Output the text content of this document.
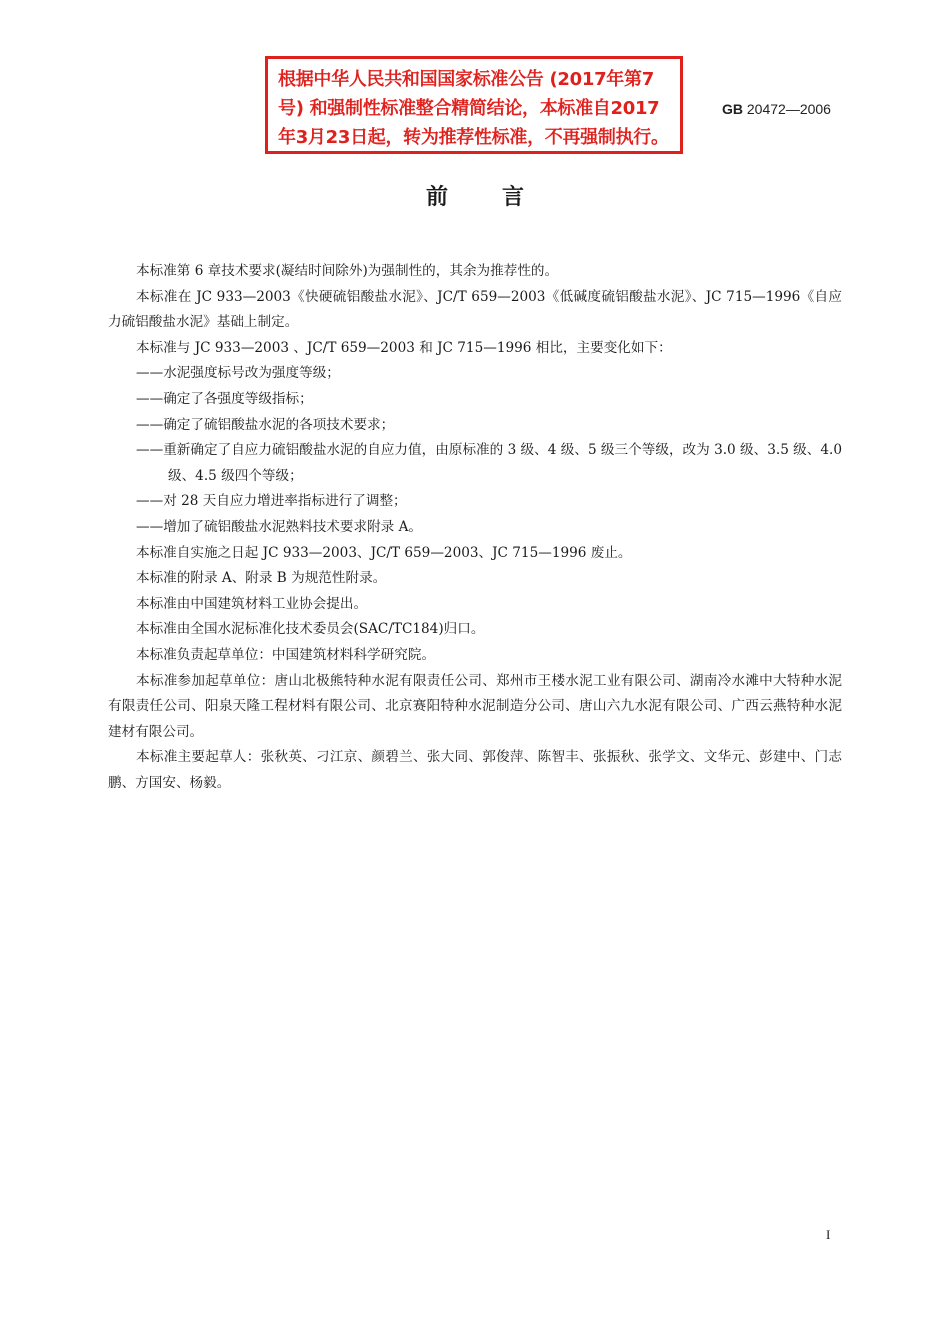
根据中华人民共和国国家标准公告 (2017年第7
号) 和强制性标准整合精简结论，本标准自2017
年3月23日起，转为推荐性标准，不再强制执行。
GB 20472—2006
前言
本标准第 6 章技术要求(凝结时间除外)为强制性的，其余为推荐性的。
本标准在 JC 933—2003《快硬硫铝酸盐水泥》、JC/T 659—2003《低碱度硫铝酸盐水泥》、JC 715—1996《自应力硫铝酸盐水泥》基础上制定。
本标准与 JC 933—2003 、JC/T 659—2003 和 JC 715—1996 相比，主要变化如下：
——水泥强度标号改为强度等级；
——确定了各强度等级指标；
——确定了硫铝酸盐水泥的各项技术要求；
——重新确定了自应力硫铝酸盐水泥的自应力值，由原标准的 3 级、4 级、5 级三个等级，改为 3.0 级、3.5 级、4.0 级、4.5 级四个等级；
——对 28 天自应力增进率指标进行了调整；
——增加了硫铝酸盐水泥熟料技术要求附录 A。
本标准自实施之日起 JC 933—2003、JC/T 659—2003、JC 715—1996 废止。
本标准的附录 A、附录 B 为规范性附录。
本标准由中国建筑材料工业协会提出。
本标准由全国水泥标准化技术委员会(SAC/TC184)归口。
本标准负责起草单位：中国建筑材料科学研究院。
本标准参加起草单位：唐山北极熊特种水泥有限责任公司、郑州市王楼水泥工业有限公司、湖南冷水滩中大特种水泥有限责任公司、阳泉天隆工程材料有限公司、北京赛阳特种水泥制造分公司、唐山六九水泥有限公司、广西云燕特种水泥建材有限公司。
本标准主要起草人：张秋英、刁江京、颜碧兰、张大同、郭俊萍、陈智丰、张振秋、张学文、文华元、彭建中、门志鹏、方国安、杨毅。
I
